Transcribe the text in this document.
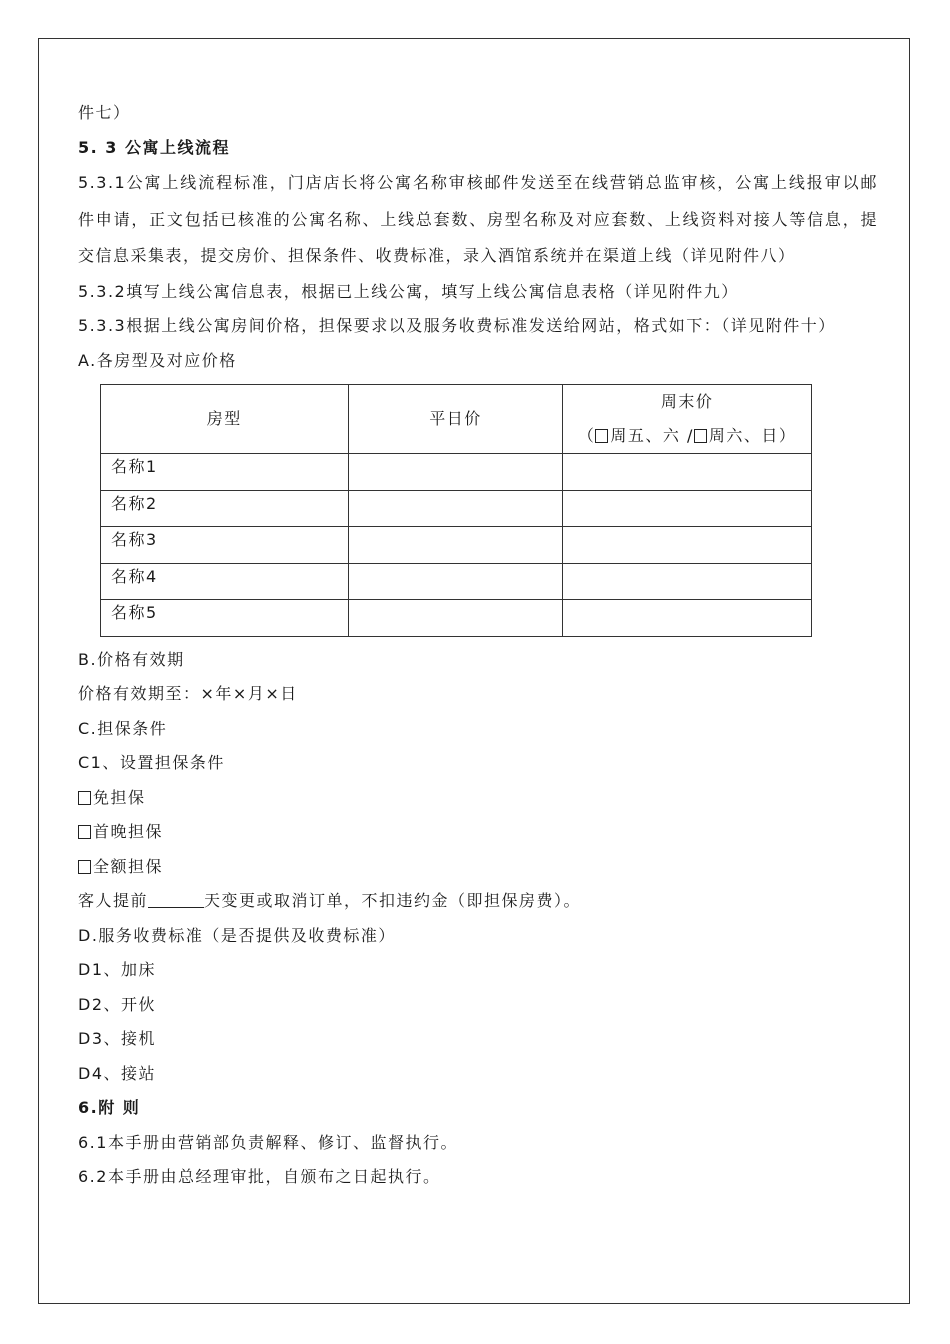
件七）
5. 3 公寓上线流程
5.3.1公寓上线流程标准，门店店长将公寓名称审核邮件发送至在线营销总监审核，公寓上线报审以邮件申请，正文包括已核准的公寓名称、上线总套数、房型名称及对应套数、上线资料对接人等信息，提交信息采集表，提交房价、担保条件、收费标准，录入酒馆系统并在渠道上线（详见附件八）
5.3.2填写上线公寓信息表，根据已上线公寓，填写上线公寓信息表格（详见附件九）
5.3.3根据上线公寓房间价格，担保要求以及服务收费标准发送给网站，格式如下：（详见附件十）
A.各房型及对应价格
房型	平日价	周末价
（ 周五、六 / 周六、日）

名称1		
名称2		
名称3		
名称4		
名称5		
B.价格有效期
价格有效期至：×年×月×日
C.担保条件
C1、设置担保条件
免担保
首晚担保
全额担保
客人提前	天变更或取消订单，不扣违约金（即担保房费）。
D.服务收费标准（是否提供及收费标准）
D1、加床
D2、开伙
D3、接机
D4、接站
6.附 则
6.1本手册由营销部负责解释、修订、监督执行。
6.2本手册由总经理审批，自颁布之日起执行。
